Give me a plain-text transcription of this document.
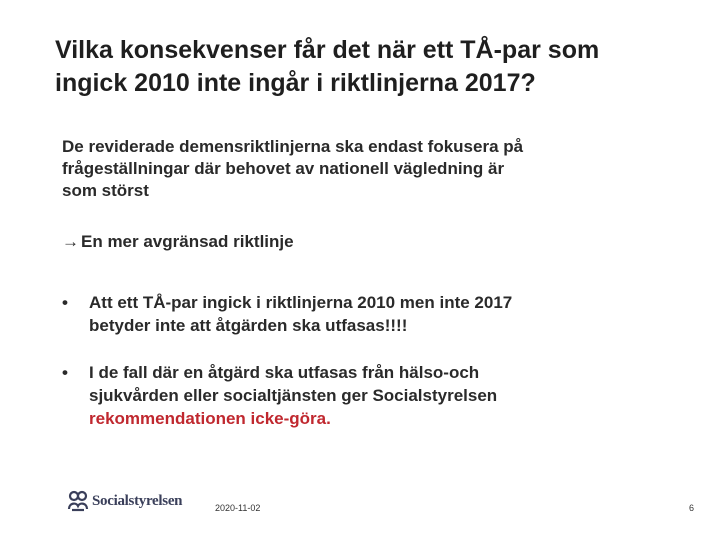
Vilka konsekvenser får det när ett TÅ-par som
ingick 2010 inte ingår i riktlinjerna 2017?

De reviderade demensriktlinjerna ska endast fokusera på
frågeställningar där behovet av nationell vägledning är
som störst

→ En mer avgränsad riktlinje
•	Att ett TÅ-par ingick i riktlinjerna 2010 men inte 2017
betyder inte att åtgärden ska utfasas!!!!
•	I de fall där en åtgärd ska utfasas från hälso-och
sjukvården eller socialtjänsten ger Socialstyrelsen
rekommendationen icke-göra.
Socialstyrelsen	2020-11-02	6
